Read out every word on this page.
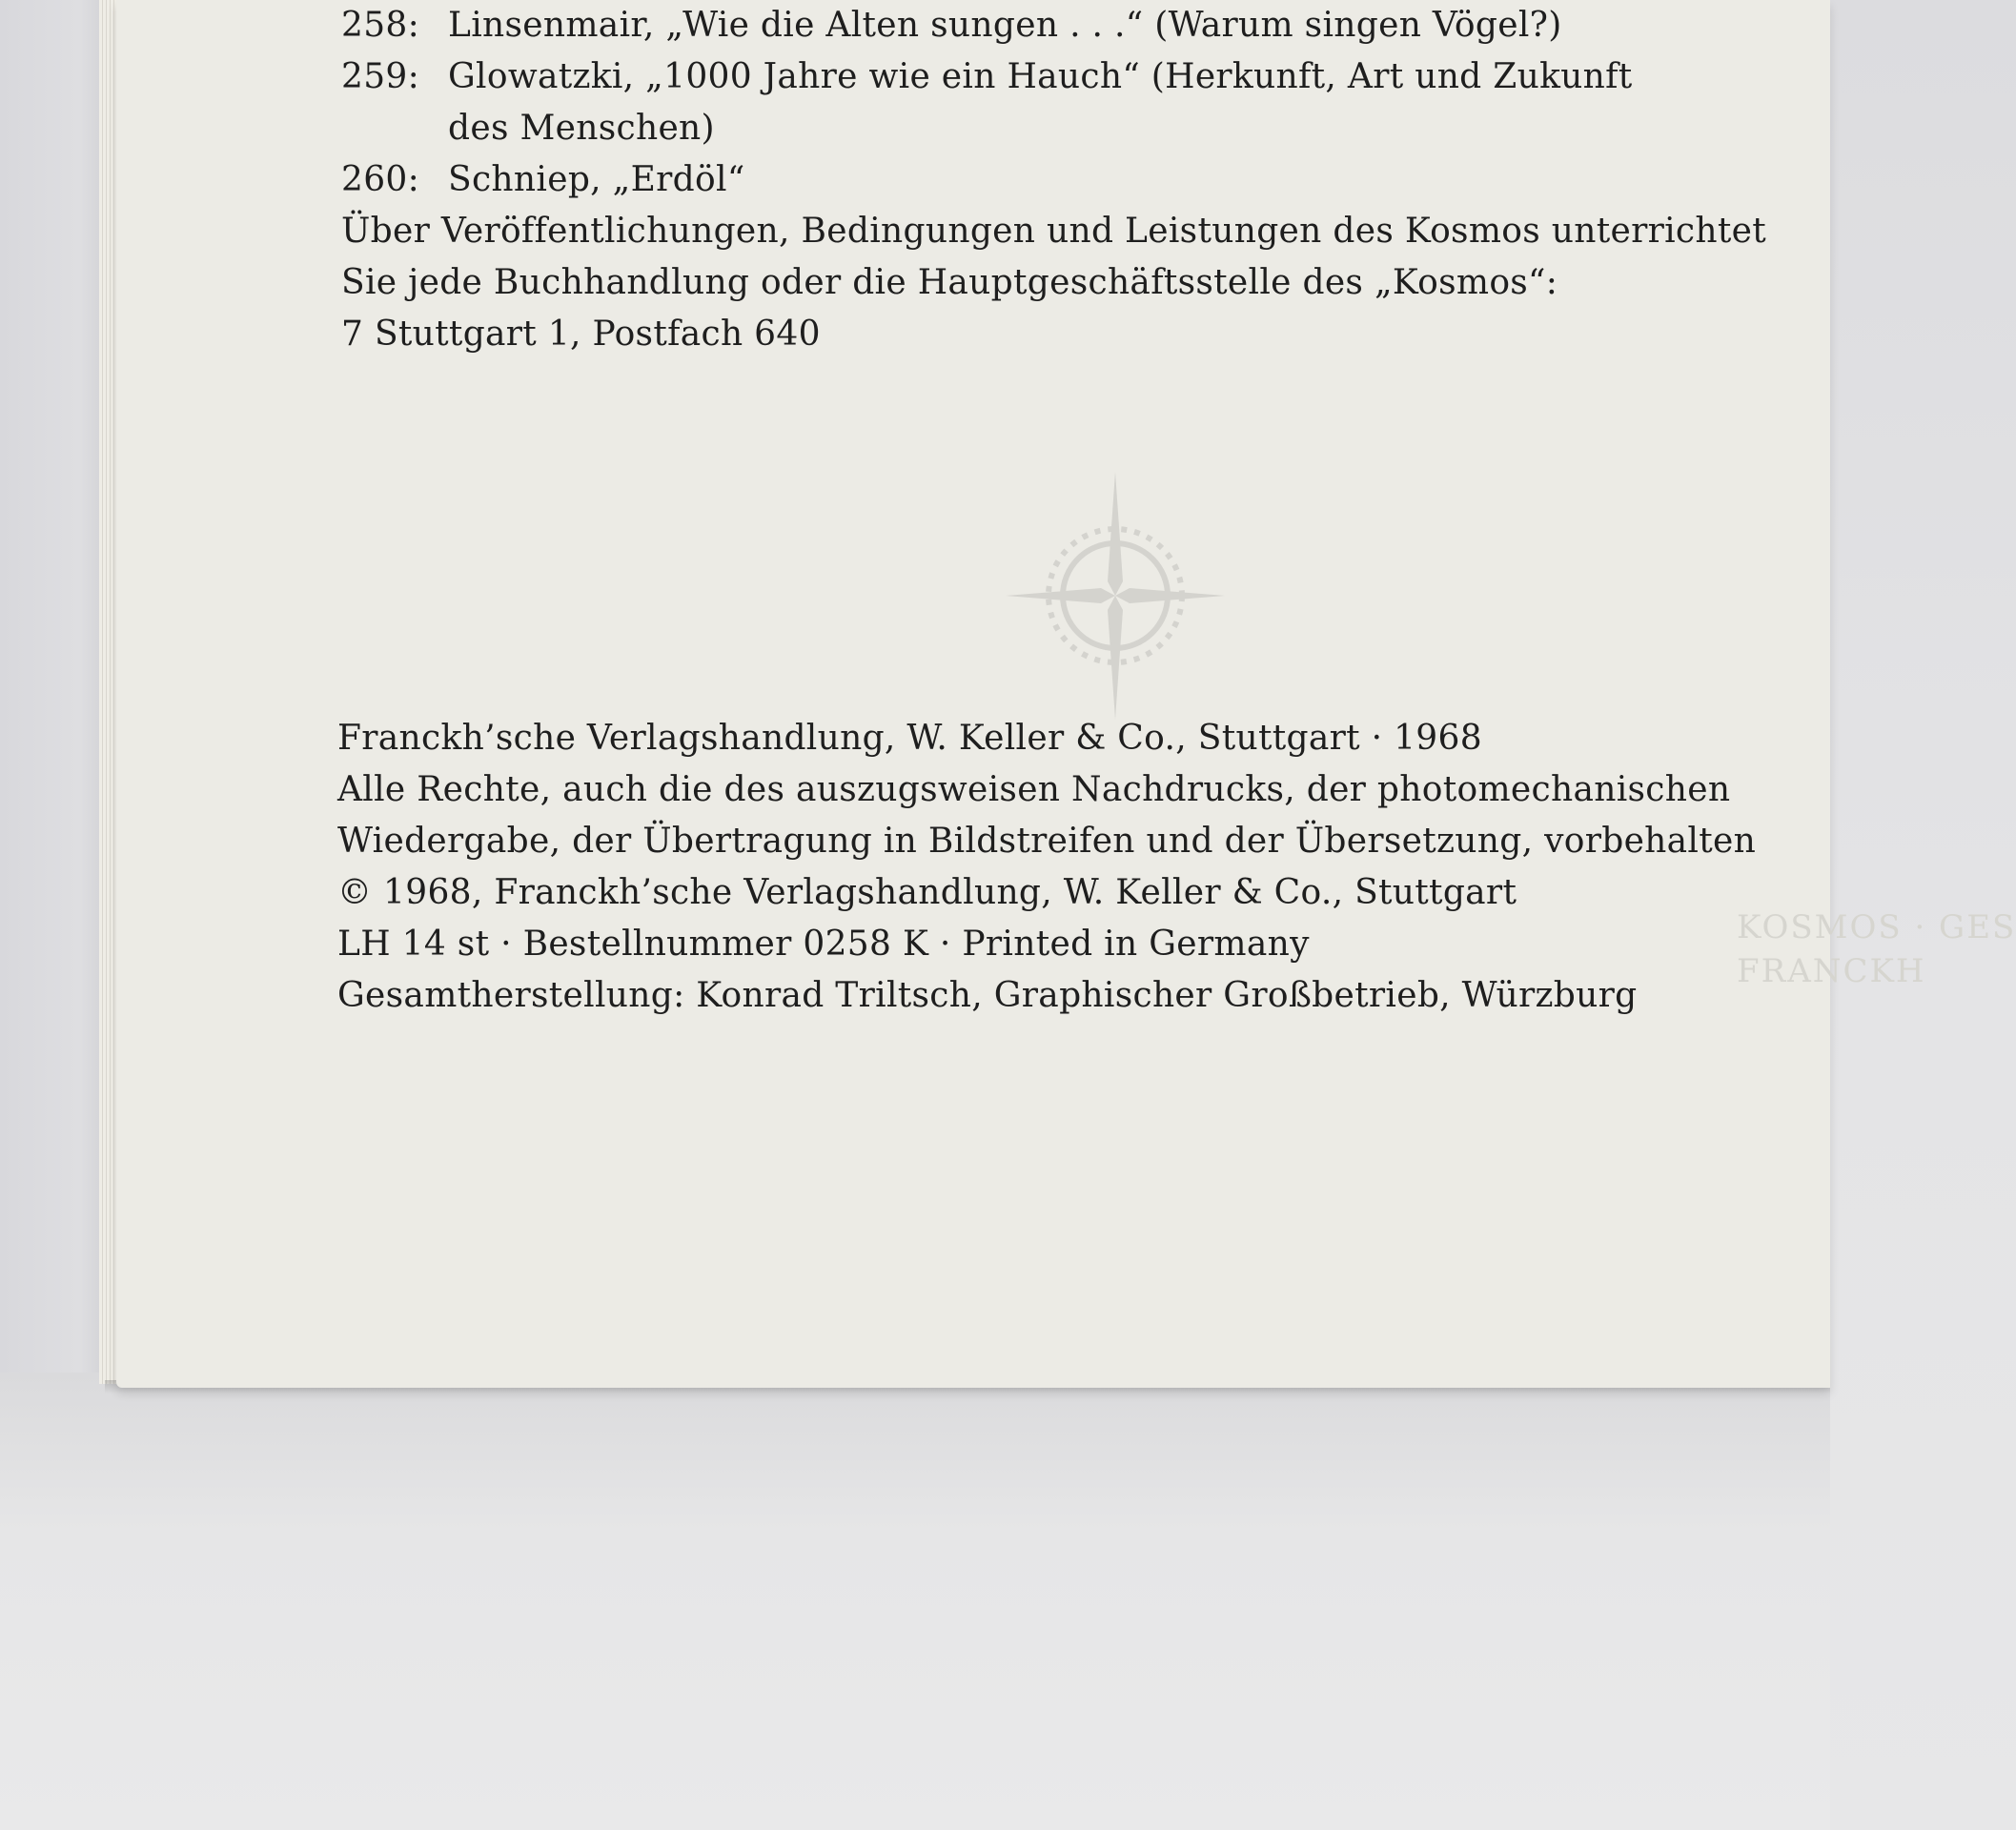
KOSMOS · GES
FRANCKH
258: Linsenmair, „Wie die Alten sungen . . .“ (Warum singen Vögel?)
259: Glowatzki, „1000 Jahre wie ein Hauch“ (Herkunft, Art und Zukunft
des Menschen)
260: Schniep, „Erdöl“
Über Veröffentlichungen, Bedingungen und Leistungen des Kosmos unterrichtet
Sie jede Buchhandlung oder die Hauptgeschäftsstelle des „Kosmos“:
7 Stuttgart 1, Postfach 640
Franckh’sche Verlagshandlung, W. Keller & Co., Stuttgart · 1968
Alle Rechte, auch die des auszugsweisen Nachdrucks, der photomechanischen
Wiedergabe, der Übertragung in Bildstreifen und der Übersetzung, vorbehalten
© 1968, Franckh’sche Verlagshandlung, W. Keller & Co., Stuttgart
LH 14 st · Bestellnummer 0258 K · Printed in Germany
Gesamtherstellung: Konrad Triltsch, Graphischer Großbetrieb, Würzburg
